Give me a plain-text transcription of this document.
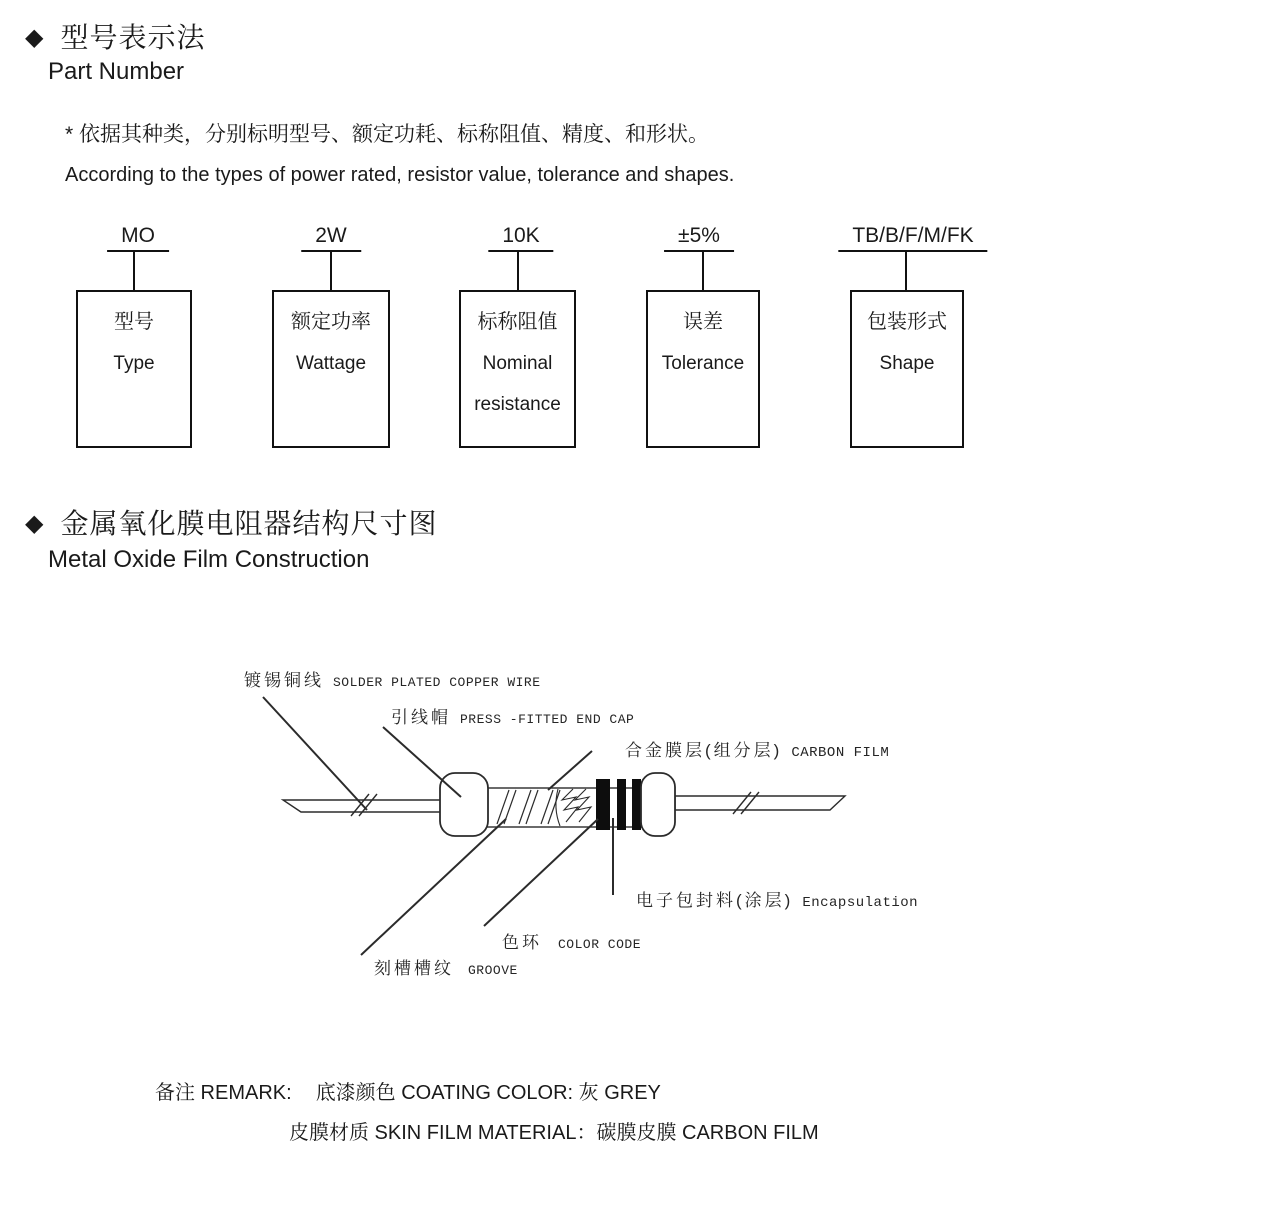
◆ 型号表示法
Part Number
* 依据其种类，分别标明型号、额定功耗、标称阻值、精度、和形状。
According to the types of power rated, resistor value, tolerance and shapes.
MO
型号
Type
2W
额定功率
Wattage
10K
标称阻值
Nominal
resistance
±5%
误差
Tolerance
TB/B/F/M/FK
包装形式
Shape
◆ 金属氧化膜电阻器结构尺寸图
Metal Oxide Film Construction
镀锡铜线 SOLDER PLATED COPPER WIRE
引线帽 PRESS -FITTED END CAP
合金膜层(组分层) CARBON FILM
电子包封料(涂层) Encapsulation
色环 COLOR CODE
刻槽槽纹 GROOVE
备注 REMARK: 底漆颜色 COATING COLOR: 灰 GREY
皮膜材质 SKIN FILM MATERIAL：碳膜皮膜 CARBON FILM
